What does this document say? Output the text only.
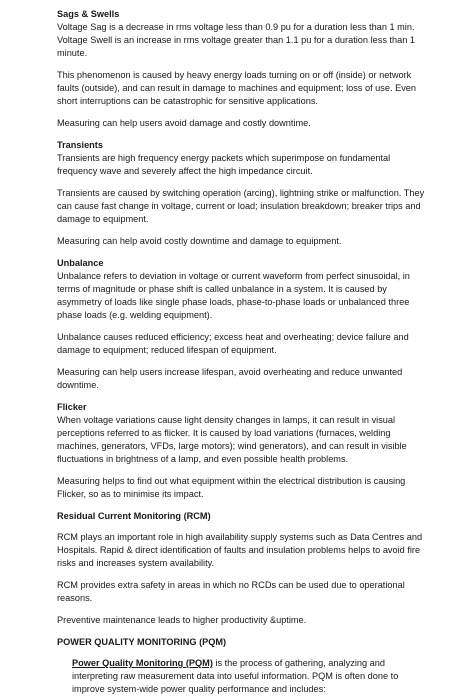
Sags & Swells

Voltage Sag is a decrease in rms voltage less than 0.9 pu for a duration less than 1 min. Voltage Swell is an increase in rms voltage greater than 1.1 pu for a duration less than 1 minute.

This phenomenon is caused by heavy energy loads turning on or off (inside) or network faults (outside), and can result in damage to machines and equipment; loss of use. Even short interruptions can be catastrophic for sensitive applications.

Measuring can help users avoid damage and costly downtime.

Transients

Transients are high frequency energy packets which superimpose on fundamental frequency wave and severely affect the high impedance circuit.

Transients are caused by switching operation (arcing), lightning strike or malfunction. They can cause fast change in voltage, current or load; insulation breakdown; breaker trips and damage to equipment.

Measuring can help avoid costly downtime and damage to equipment.

Unbalance

Unbalance refers to deviation in voltage or current waveform from perfect sinusoidal, in terms of magnitude or phase shift is called unbalance in a system. It is caused by asymmetry of loads like single phase loads, phase-to-phase loads or unbalanced three phase loads (e.g. welding equipment).

Unbalance causes reduced efficiency; excess heat and overheating; device failure and damage to equipment; reduced lifespan of equipment.

Measuring can help users increase lifespan, avoid overheating and reduce unwanted downtime.

Flicker

When voltage variations cause light density changes in lamps, it can result in visual perceptions referred to as flicker. It is caused by load variations (furnaces, welding machines, generators, VFDs, large motors); wind generators), and can result in visible fluctuations in brightness of a lamp, and even possible health problems.

Measuring helps to find out what equipment within the electrical distribution is causing Flicker, so as to minimise its impact.

Residual Current Monitoring (RCM)

RCM plays an important role in high availability supply systems such as Data Centres and Hospitals. Rapid & direct identification of faults and insulation problems helps to avoid fire risks and increases system availability.

RCM provides extra safety in areas in which no RCDs can be used due to operational reasons.

Preventive maintenance leads to higher productivity &uptime.

POWER QUALITY MONITORING (PQM)

Power Quality Monitoring (PQM) is the process of gathering, analyzing and interpreting raw measurement data into useful information. PQM is often done to improve system-wide power quality performance and includes:
